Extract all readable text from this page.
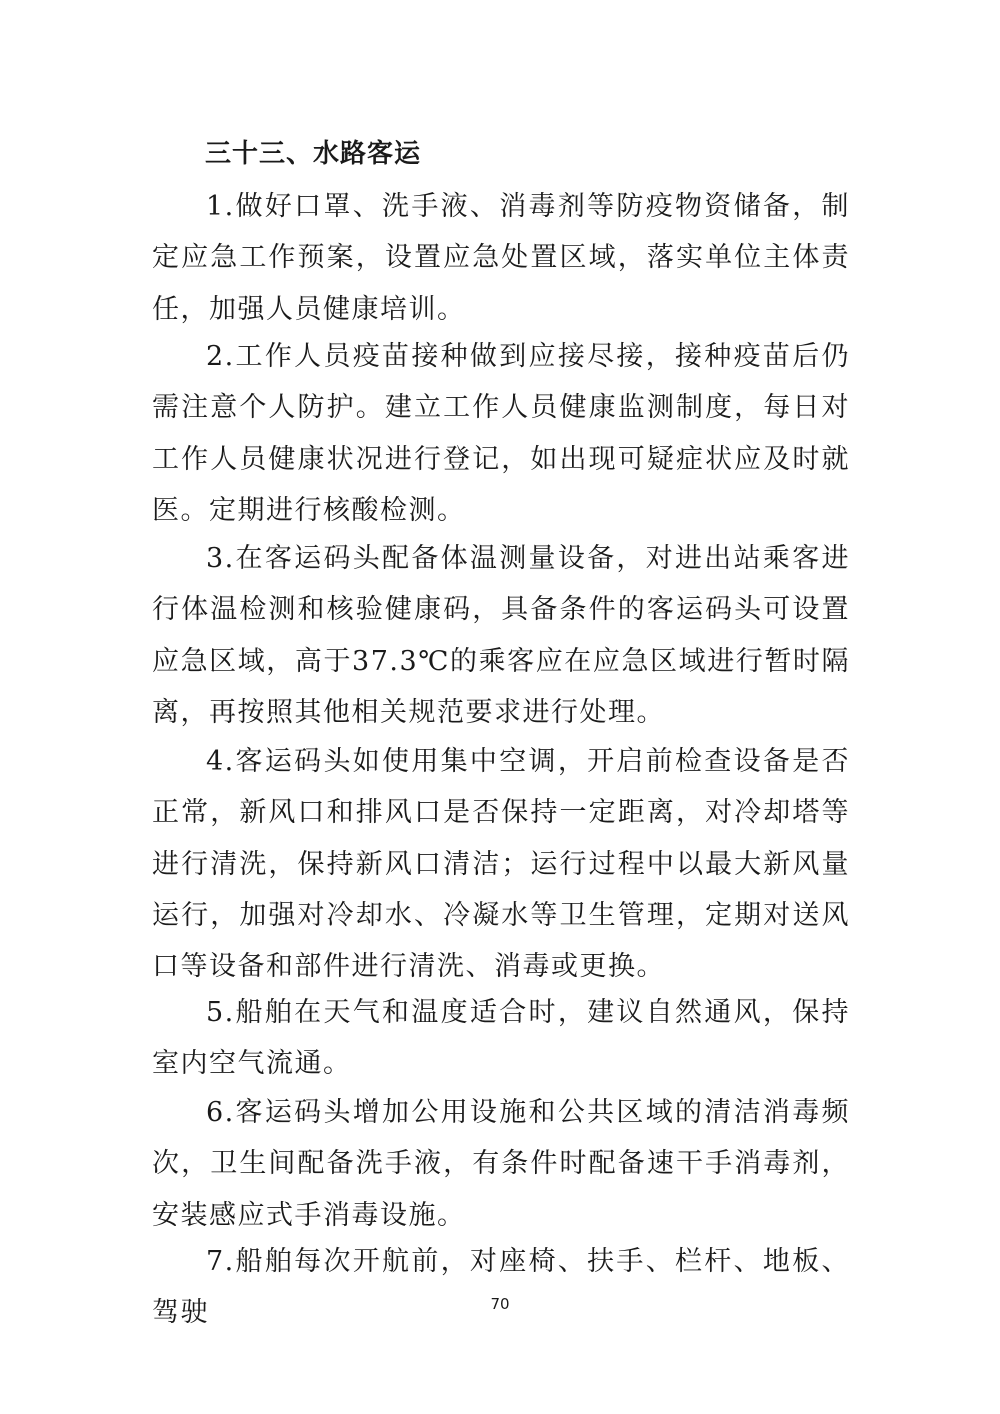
三十三、水路客运

1.做好口罩、洗手液、消毒剂等防疫物资储备，制定应急工作预案，设置应急处置区域，落实单位主体责任，加强人员健康培训。

2.工作人员疫苗接种做到应接尽接，接种疫苗后仍需注意个人防护。建立工作人员健康监测制度，每日对工作人员健康状况进行登记，如出现可疑症状应及时就医。定期进行核酸检测。

3.在客运码头配备体温测量设备，对进出站乘客进行体温检测和核验健康码，具备条件的客运码头可设置应急区域，高于37.3℃的乘客应在应急区域进行暂时隔离，再按照其他相关规范要求进行处理。

4.客运码头如使用集中空调，开启前检查设备是否正常，新风口和排风口是否保持一定距离，对冷却塔等进行清洗，保持新风口清洁；运行过程中以最大新风量运行，加强对冷却水、冷凝水等卫生管理，定期对送风口等设备和部件进行清洗、消毒或更换。

5.船舶在天气和温度适合时，建议自然通风，保持室内空气流通。

6.客运码头增加公用设施和公共区域的清洁消毒频次，卫生间配备洗手液，有条件时配备速干手消毒剂，安装感应式手消毒设施。

7.船舶每次开航前，对座椅、扶手、栏杆、地板、驾驶	70
